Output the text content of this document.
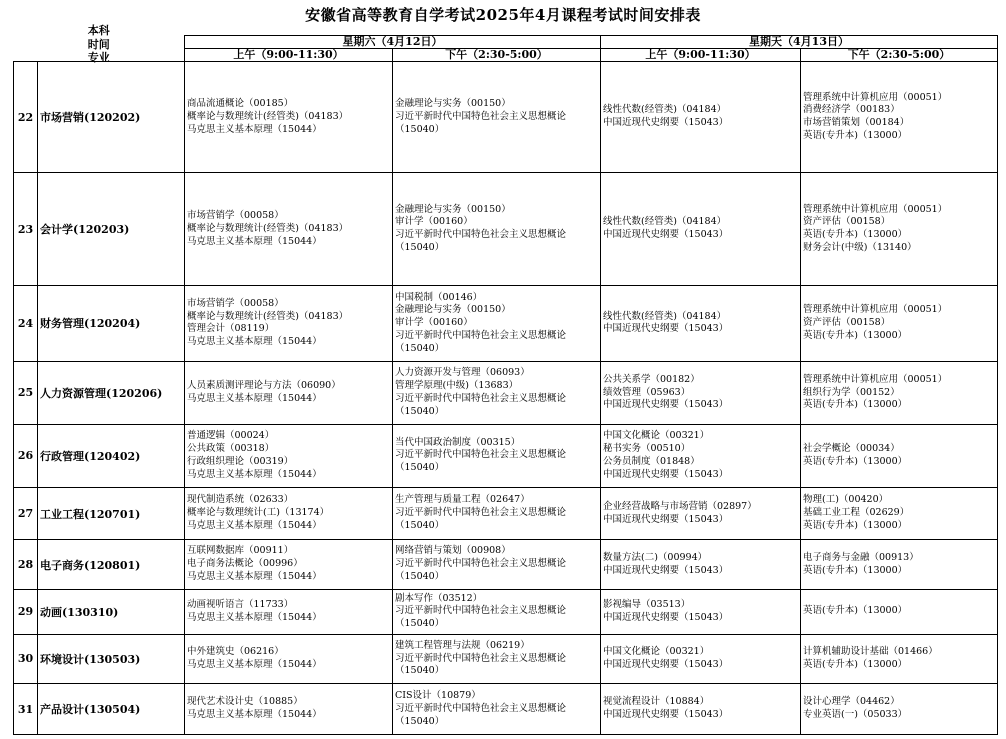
安徽省高等教育自学考试2025年4月课程考试时间安排表
本科
时间
专业		星期六（4月12日）		星期天（4月13日）	
		上午（9:00-11:30）	下午（2:30-5:00）	上午（9:00-11:30）	下午（2:30-5:00）
22	市场营销(120202)	商品流通概论（00185）
概率论与数理统计(经管类)（04183）
马克思主义基本原理（15044）	金融理论与实务（00150）
习近平新时代中国特色社会主义思想概论
（15040）	线性代数(经管类)（04184）
中国近现代史纲要（15043）	管理系统中计算机应用（00051）
消费经济学（00183）
市场营销策划（00184）
英语(专升本)（13000）

23	会计学(120203)	市场营销学（00058）
概率论与数理统计(经管类)（04183）
马克思主义基本原理（15044）	金融理论与实务（00150）
审计学（00160）
习近平新时代中国特色社会主义思想概论
（15040）	线性代数(经管类)（04184）
中国近现代史纲要（15043）	管理系统中计算机应用（00051）
资产评估（00158）
英语(专升本)（13000）
财务会计(中级)（13140）

24	财务管理(120204)	市场营销学（00058）
概率论与数理统计(经管类)（04183）
管理会计（08119）
马克思主义基本原理（15044）	中国税制（00146）
金融理论与实务（00150）
审计学（00160）
习近平新时代中国特色社会主义思想概论
（15040）	线性代数(经管类)（04184）
中国近现代史纲要（15043）	管理系统中计算机应用（00051）
资产评估（00158）
英语(专升本)（13000）

25	人力资源管理(120206)	人员素质测评理论与方法（06090）
马克思主义基本原理（15044）	人力资源开发与管理（06093）
管理学原理(中级)（13683）
习近平新时代中国特色社会主义思想概论
（15040）	公共关系学（00182）
绩效管理（05963）
中国近现代史纲要（15043）	管理系统中计算机应用（00051）
组织行为学（00152）
英语(专升本)（13000）

26	行政管理(120402)	普通逻辑（00024）
公共政策（00318）
行政组织理论（00319）
马克思主义基本原理（15044）	当代中国政治制度（00315）
习近平新时代中国特色社会主义思想概论
（15040）	中国文化概论（00321）
秘书实务（00510）
公务员制度（01848）
中国近现代史纲要（15043）	社会学概论（00034）
英语(专升本)（13000）

27	工业工程(120701)	现代制造系统（02633）
概率论与数理统计(工)（13174）
马克思主义基本原理（15044）	生产管理与质量工程（02647）
习近平新时代中国特色社会主义思想概论
（15040）	企业经营战略与市场营销（02897）
中国近现代史纲要（15043）	物理(工)（00420）
基础工业工程（02629）
英语(专升本)（13000）

28	电子商务(120801)	互联网数据库（00911）
电子商务法概论（00996）
马克思主义基本原理（15044）	网络营销与策划（00908）
习近平新时代中国特色社会主义思想概论
（15040）	数量方法(二)（00994）
中国近现代史纲要（15043）	电子商务与金融（00913）
英语(专升本)（13000）

29	动画(130310)	动画视听语言（11733）
马克思主义基本原理（15044）	剧本写作（03512）
习近平新时代中国特色社会主义思想概论
（15040）	影视编导（03513）
中国近现代史纲要（15043）	英语(专升本)（13000）

30	环境设计(130503)	中外建筑史（06216）
马克思主义基本原理（15044）	建筑工程管理与法规（06219）
习近平新时代中国特色社会主义思想概论
（15040）	中国文化概论（00321）
中国近现代史纲要（15043）	计算机辅助设计基础（01466）
英语(专升本)（13000）

31	产品设计(130504)	现代艺术设计史（10885）
马克思主义基本原理（15044）	CIS设计（10879）
习近平新时代中国特色社会主义思想概论
（15040）	视觉流程设计（10884）
中国近现代史纲要（15043）	设计心理学（04462）
专业英语(一)（05033）
